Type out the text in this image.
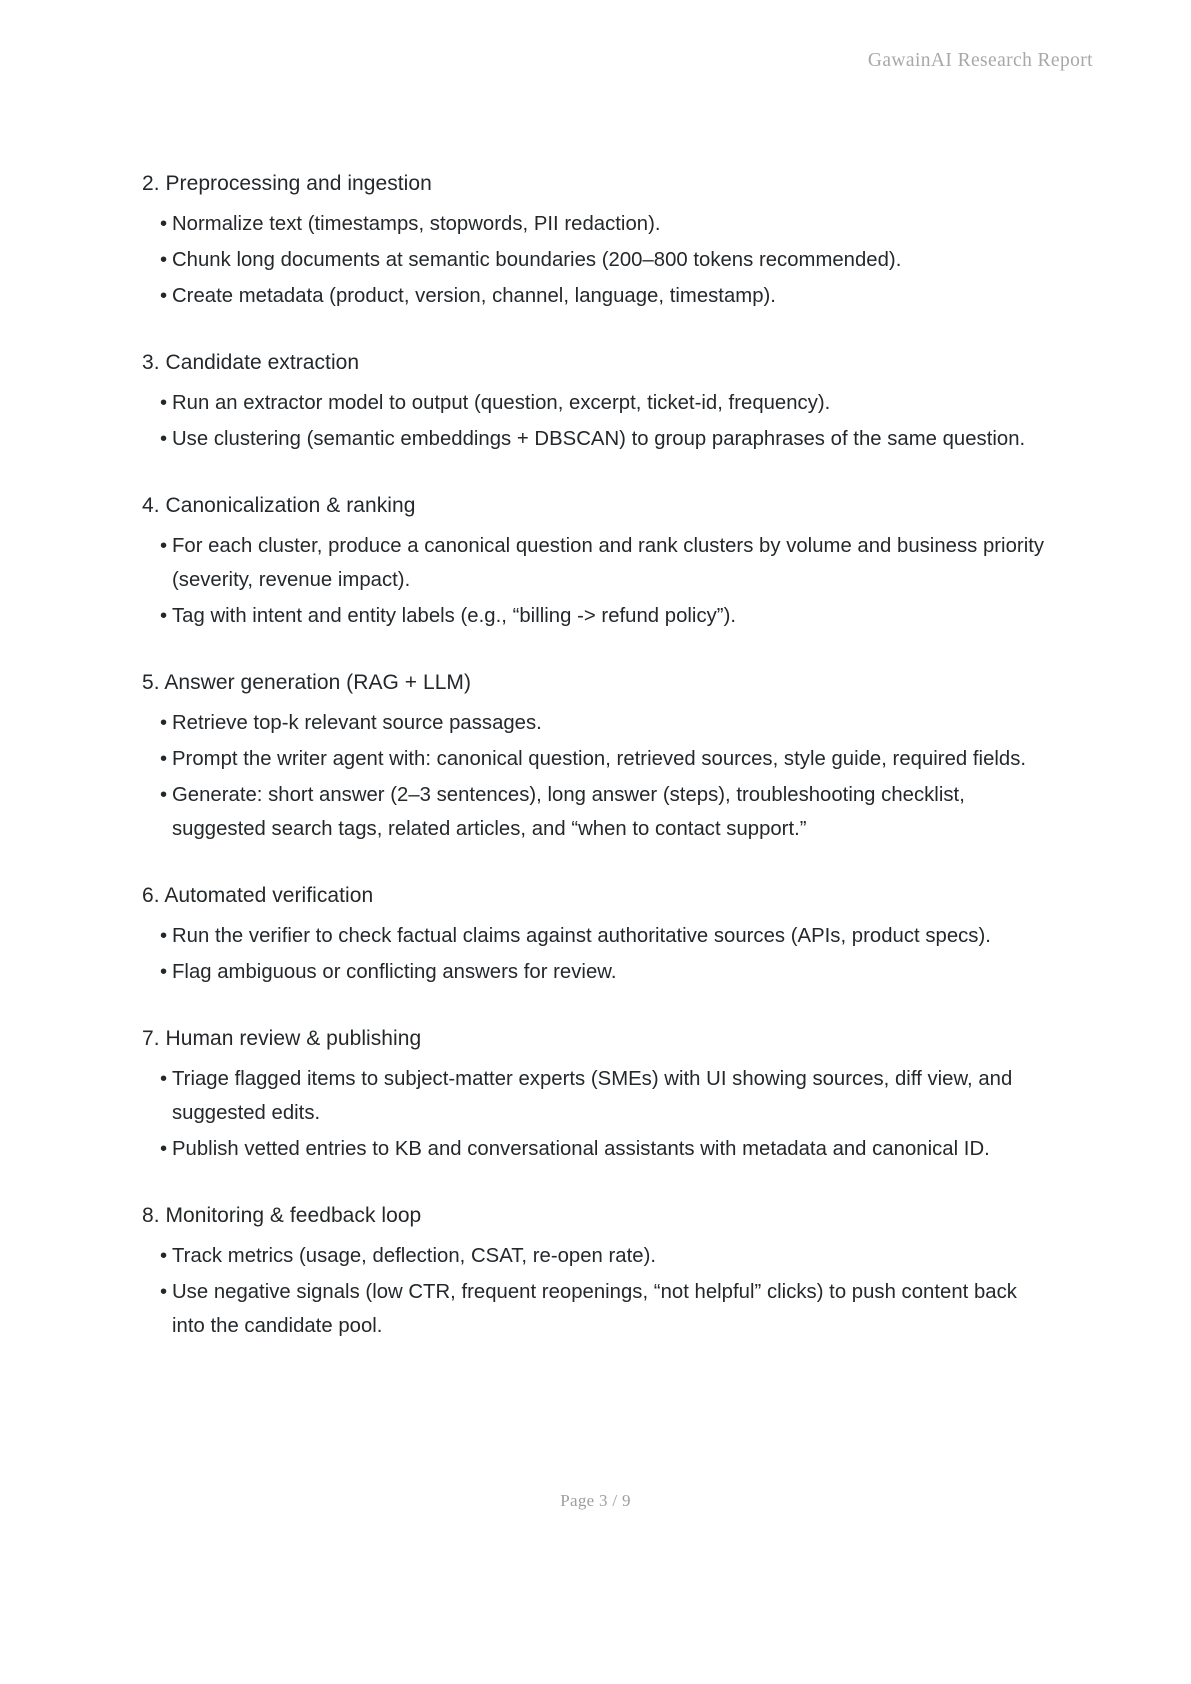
GawainAI Research Report
2. Preprocessing and ingestion
• Normalize text (timestamps, stopwords, PII redaction).
• Chunk long documents at semantic boundaries (200–800 tokens recommended).
• Create metadata (product, version, channel, language, timestamp).
3. Candidate extraction
• Run an extractor model to output (question, excerpt, ticket-id, frequency).
• Use clustering (semantic embeddings + DBSCAN) to group paraphrases of the same question.
4. Canonicalization & ranking
• For each cluster, produce a canonical question and rank clusters by volume and business priority (severity, revenue impact).
• Tag with intent and entity labels (e.g., “billing -> refund policy”).
5. Answer generation (RAG + LLM)
• Retrieve top-k relevant source passages.
• Prompt the writer agent with: canonical question, retrieved sources, style guide, required fields.
• Generate: short answer (2–3 sentences), long answer (steps), troubleshooting checklist, suggested search tags, related articles, and “when to contact support.”
6. Automated verification
• Run the verifier to check factual claims against authoritative sources (APIs, product specs).
• Flag ambiguous or conflicting answers for review.
7. Human review & publishing
• Triage flagged items to subject-matter experts (SMEs) with UI showing sources, diff view, and suggested edits.
• Publish vetted entries to KB and conversational assistants with metadata and canonical ID.
8. Monitoring & feedback loop
• Track metrics (usage, deflection, CSAT, re-open rate).
• Use negative signals (low CTR, frequent reopenings, “not helpful” clicks) to push content back into the candidate pool.
Page 3 / 9
